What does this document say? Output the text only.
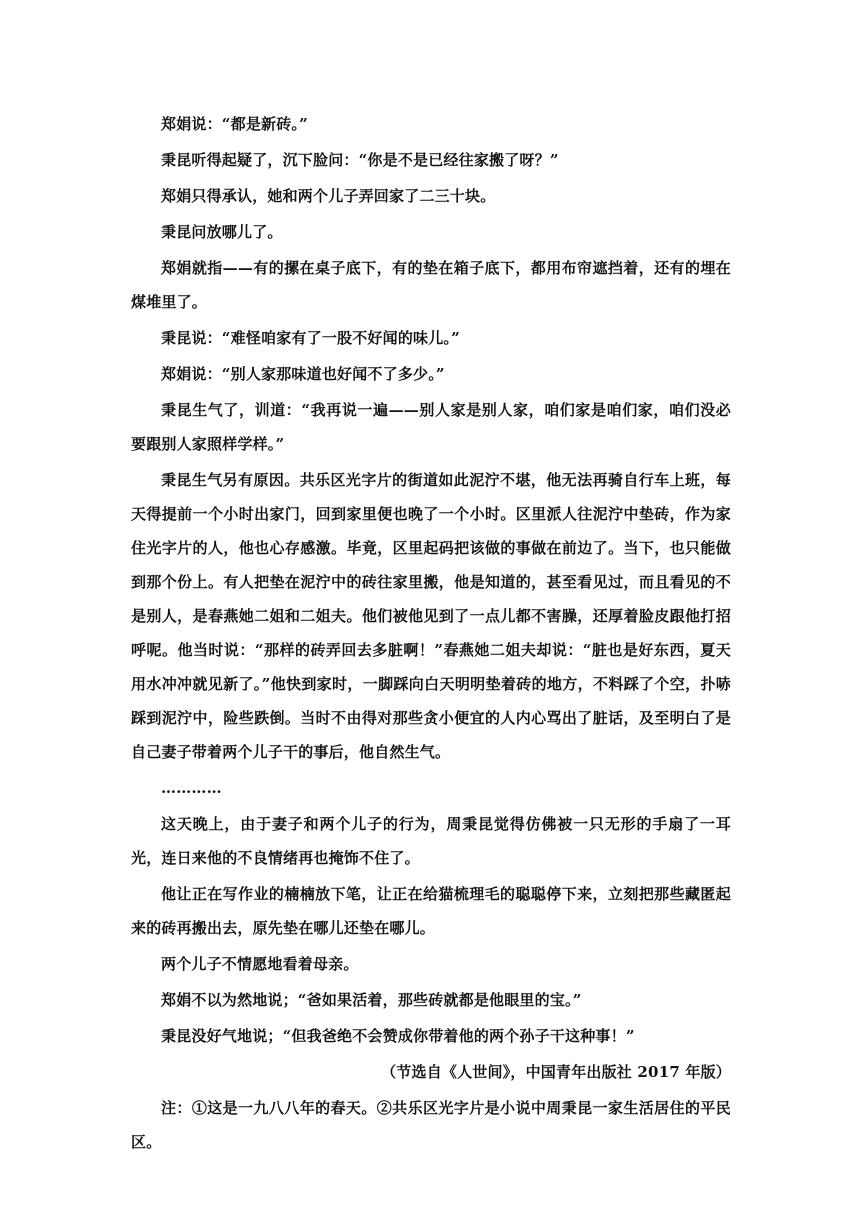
郑娟说：“都是新砖。”

秉昆听得起疑了，沉下脸问：“你是不是已经往家搬了呀？”

郑娟只得承认，她和两个儿子弄回家了二三十块。

秉昆问放哪儿了。

郑娟就指——有的摞在桌子底下，有的垫在箱子底下，都用布帘遮挡着，还有的埋在煤堆里了。

秉昆说：“难怪咱家有了一股不好闻的味儿。”

郑娟说：“别人家那味道也好闻不了多少。”

秉昆生气了，训道：“我再说一遍——别人家是别人家，咱们家是咱们家，咱们没必要跟别人家照样学样。”

秉昆生气另有原因。共乐区光字片的街道如此泥泞不堪，他无法再骑自行车上班，每天得提前一个小时出家门，回到家里便也晚了一个小时。区里派人往泥泞中垫砖，作为家住光字片的人，他也心存感激。毕竟，区里起码把该做的事做在前边了。当下，也只能做到那个份上。有人把垫在泥泞中的砖往家里搬，他是知道的，甚至看见过，而且看见的不是别人，是春燕她二姐和二姐夫。他们被他见到了一点儿都不害臊，还厚着脸皮跟他打招呼呢。他当时说：“那样的砖弄回去多脏啊！”春燕她二姐夫却说：“脏也是好东西，夏天用水冲冲就见新了。”他快到家时，一脚踩向白天明明垫着砖的地方，不料踩了个空，扑哧踩到泥泞中，险些跌倒。当时不由得对那些贪小便宜的人内心骂出了脏话，及至明白了是自己妻子带着两个儿子干的事后，他自然生气。

…………

这天晚上，由于妻子和两个儿子的行为，周秉昆觉得仿佛被一只无形的手扇了一耳光，连日来他的不良情绪再也掩饰不住了。

他让正在写作业的楠楠放下笔，让正在给猫梳理毛的聪聪停下来，立刻把那些藏匿起来的砖再搬出去，原先垫在哪儿还垫在哪儿。

两个儿子不情愿地看着母亲。

郑娟不以为然地说；“爸如果活着，那些砖就都是他眼里的宝。”

秉昆没好气地说；“但我爸绝不会赞成你带着他的两个孙子干这种事！”

（节选自《人世间》，中国青年出版社 2017 年版）

注：①这是一九八八年的春天。②共乐区光字片是小说中周秉昆一家生活居住的平民区。
